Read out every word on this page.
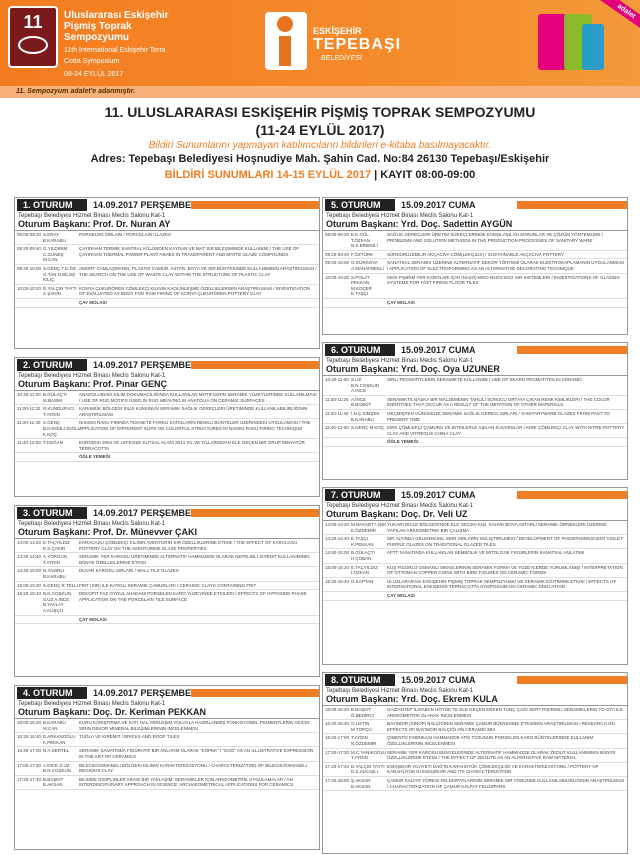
11	Uluslararası Eskişehir Pişmiş Toprak Sempozyumu
11th International Eskişehir Terra Cotta Symposium
09-24 EYLÜL 2017
ESKİŞEHİR
TEPEBAŞI
BELEDİYESİ
adalet
11. Sempozyum adalet'e adanmıştır.
11. ULUSLARARASI ESKİŞEHİR PİŞMİŞ TOPRAK SEMPOZYUMU
(11-24 EYLÜL 2017)
Bildiri Sunumlarını yapmayan katılımcıların bildirileri e-kitaba basılmayacaktır.
Adres: Tepebaşı Belediyesi Hoşnudiye Mah. Şahin Cad. No:84 26130 Tepebaşı/Eskişehir
BİLDİRİ SUNUMLARI 14-15 EYLÜL 2017 | KAYIT 08:00-09:00
1. OTURUM	14.09.2017 PERŞEMBE
Tepebaşı Belediyesi Hizmet Binası Meclis Salonu Kat-1
Oturum Başkanı: Prof. Dr. Nuran AY
09:00-09:20 S.ERAY B.KARABU
PORSELEN SIRLARI / PORCELAIN GLAZES
09:20-09:40 G.YILDIRIM C.GÜNEŞ M.CAN
ÇAYIRHAN TERMIK SANTRAL KÜLÜNDEN KAYDAN VE MAT SIR BILEŞIMINDE KULLANIMI / THE USE OF ÇAYIRHAN THERMAL POWER PLANT ASHES IN TRANSPARENT AND MATTE GLAZE COMPOUNDS
09:40-10:00 S.GENÇ T.G.ÖZ G.TAN N.BİLGE KILIÇ
AMORF CAMLAŞMANIN, PLASTIK CAMUR, ASTAR, BOYA VE SIR BÜNYESINDE KULLANIMININ ARAŞTIRILMASI / THE SEARCH ON THE USE OF WASTE CLAY WITHIN THE STRUCTURE OF PLASTIC CLAY
10:00-10:20 D.YALÇIN TAYTI A.ŞAHİN
KONYA ÇUKURÖREN CÖMLEKÇI KILININ KAOLINLEŞME ÖZELLIKLERININ ARAŞTIRILMASI / INVESTIGATION OF EVALUATED AS BODY FOR RAW FIRING OF KONYA ÇUKURÖREN POTTERY CLAY
ÇAY MOLASI
2. OTURUM	14.09.2017 PERŞEMBE
Tepebaşı Belediyesi Hizmet Binası Meclis Salonu Kat-1
Oturum Başkanı: Prof. Pınar GENÇ
10:40-11:00 B.GÜLAÇTI M.BASIM
ANADOLUIDAKI KILIM DOKUMACILIĞINDA KULLANILAN MOTIFLERIN SERAMIK YÜZEYLERINDE KULLANILMASI / USE OF RUG MOTIFS USED IN RUG WEAVING IN ANATOLIA ON CERAMIC SURFACES
11:00-11:20 R.KUNDURACI T.AYDIN
KARAMÜK BÖLGESI SILIS KUMUNUN SERAMIK SAĞLIK GEREÇLERI ÜRETIMINDE KULLANILABILIRLIĞININ ARAŞTIRILMASI
11:20-11:40 S.GENÇ B.KANDİLCİOĞLU K.KOÇ
NAKEDI RAKU FIRINDA TEKNIKTE FARKLI KATKILARIN RENKLI BÜNYELER ÜZERINDEKI UYGULAMASI / THE APPLICATION OF DIFFERENT SLIPS ON COLORFUL STRUCTURES IN NAKED RAKU FIRING TECHNIQUE
11:40-12:00 T.DOĞAN	EURODISI 2004 VE LEFKOŞE KUTSAL ALANI 2014 YIL VE YILLARINDAN ELE GEÇEN BIR GRUP MINYATÜR TERRACOTTA
ÖĞLE YEMEĞI
3. OTURUM	14.09.2017 PERŞEMBE
Tepebaşı Belediyesi Hizmet Binası Meclis Salonu Kat-1
Oturum Başkanı: Prof. Dr. Münevver ÇAKI
14:00-14:20 E.TAÇYILDIZ E.S.ÇAKIR
KARACASU ÇÖMLEKÇI KILININ AVENTÜRIN SIR ÖZELLIKLERINE ETKISI / THE EFFECT OF KARACASU POTTERY CLAY ON THE AVENTURINE GLAZE PROPERTIES
14:20-14:40 A.YORGUN T.AYDIN
SERAMIK YER KAROSU ÜRETIMINDE ALTERNATIF HAMMADDE OLARAK NEFELINLI SIYENIT KULLANIMININ BÜNYE ÖZELLIKLERINE ETKISI
14:40-15:00 N.YAZIRLI B.KARABU
DUVAR KAROSU SIRLARI / WALL TILE GLAZES
15:00-15:20 S.GENÇ R.TELLİ FRIT (SIR) ILE KATKILI SERAMIK ÇAMURLARI / CERAMIC CLAYS CONTAINING FRIT
15:20-15:40 B.N.COŞKUN S.UZ A.İNCE B.YAVLAY A.KUŞÇU
DEKOPIT FAZ OYGUL AHADANI PORSELEN KARO YÜZEYINDE ETKILERI / EFFECTS OF HYPOSIDE PHASE APPLICATION ON THE PORCELAIN TILE SURFACE
ÇAY MOLASI
4. OTURUM	14.09.2017 PERŞEMBE
Tepebaşı Belediyesi Hizmet Binası Meclis Salonu Kat-1
Oturum Başkanı: Doç. Dr. Kerîman PEKKAN
16:00-16:20 B.KARABU M.CAN
KURU KARIŞTIRMA VE KATI HAL YERLEŞIM YOLUYLA HAZIRLANMIŞ FONKSIYONEL PIGMENTLERIN AKICIN SIRIN DEKOR MINERAL BILEŞIMLERININ INCELENMESI
16:20-16:40 E.ARKANOĞLU K.PEKKAN
TUĞLA VE KIREMIT / BRICKS AND ROOF TILES
16:40-17:00 N.A.SERTEL	SERAMIK SANATINDA FIGÜRATIF BIR ANLATIM OLARAK "KÖPEK" / "DOG" AS AN ILLUSTRATIVE EXPRESSION IN THE ART OF CERAMICS
17:00-17:20 A.İNCE S.UZ B.N.COŞKUN
BILECIK/OSMANELI BÖLGESI KILININ KARAKTERIZASYONU / CHARACTERIZATION OF BILECIK/OSMANELI REGION'S CLAY
17:20-17:40 B.BAŞKIT B.AKSAN
BILIMDE DISIPLINLER ARASI BIR YAKLAŞIM: SERAMIKLER IÇIN ARKEOMETRIK UYGULAMALAR / AN INTERDISCIPLINARY APPROACH IN SCIENCE: ARCHAEOMETRICAL APPLICATIONS FOR CERAMICS
5. OTURUM	15.09.2017 CUMA
Tepebaşı Belediyesi Hizmet Binası Meclis Salonu Kat-1
Oturum Başkanı: Yrd. Doç. Sadettin AYGÜN
09:00-09:20 E.K.GÜL T.ÖZKAN N.K.BİREMLİ
SAĞLIK GEREÇLERI ÜRETIM SÜREÇLERINDE KARŞILAŞILAN SORUNLAR VE ÇÖZÜM YÖNTEMLERI / PROBLEMS AND SOLUTION METHODS IN THE PRODUCTION PROCESSES OF SANITARY WARE
09:20-09:40 F.ÖZTÜRK	SÜRDÜRÜLEBILIR AKÇACIVA CÖM(LEKÇILIK) / SUSTAINABLE AKÇACIVA POTTERY
09:40-10:00 O.GÜRSOVA A.MANAFBEKLİ
SANATSAL SERAMIK ÜZERINE ALTERNATIF DEKOR YÖNTEMI OLARAK ELEKTROKAPLAMANIN UYGULANMASI / APPLICATION OF ELECTROFORMING AS AN ALTERNATIVE DECORATING TECHNIQUE
10:00-10:20 S.POLAT PEKKAN M.KOÇER E.TAŞÇI
KESI PIŞIRIM YER KAROLARI IÇIN (NA2O)-MGO-B2O3-SIO2 SIR SISTEMLERI / INVESTIGATIONS OF GLAZING SYSTEMS FOR FAST FIRING FLOOR TILES
ÇAY MOLASI
6. OTURUM	15.09.2017 CUMA
Tepebaşı Belediyesi Hizmet Binası Meclis Salonu Kat-1
Oturum Başkanı: Yrd. Doç. Oya UZUNER
10:40-11:00 S.UZ B.N.COŞKUN A.İNCE
SIRLI PEGMATITLERIN SERAMIKTE KULLANIMI / USE OF SKARN PEGMATITES IN CERAMIC
11:00-11:20 A.İNCE B.BAŞKIT
SERAMIKTE BAŞKA BIR MALZEMENIN TAHLILI SONUCU ORTAYA ÇIKAN RENK KIMLIKLERI / THE COLOR IDENTITIES THAT OCCUR AS A RESULT OF THE IMITATION OF OTHER MATERIALS
11:20-11:40 İ.N.Ç.SİMŞEK B.KARABU
GEÇMIŞTEN GÜNÜMÜZE SERAMIK SAĞLIK GERECI SIRLARI / SANITARYWARE GLAZES FROM PAST TO PRESENT TIME
11:40-12:00 S.GENÇ M.KOÇ KIRK ÇÖMLEKÇI ÇAMURU VE BITKILERLE AŞILAN KUVARSLAR / KIRK ÇÖMLEKÇI CLAY WITH NITRE-POTTERY CLAY AND VITREOUS CHINA CLAY
ÖĞLE YEMEĞI
7. OTURUM	15.09.2017 CUMA
Tepebaşı Belediyesi Hizmet Binası Meclis Salonu Kat-1
Oturum Başkanı: Doç. Dr. Veli UZ
14:00-14:20 M.BAYAZIT İ.İŞIK E.ÖZDEMİR
YUKARI DICLE BÖLGESI'NDE ELE GEÇEN KIŞI, KAHVE BOYA ASTARLI SERAMIK ÖRNEKLERI ÜZERINE YAPILAN ARKEOMETRIK BIR ÇALIŞMA
14:20-14:40 E.TAŞÇI K.PEKKAN
SIR ALTINDA GELENEKSEL MOR SIRLARIN GELIŞTIRILMESI / DEVELOPMENT OF PHOSPHORESCENT VIOLET-PURPLE GLAZES ON TRADITIONAL GLAZED TILES
14:40-15:00 B.GÜLAÇTI H.ÇOBAN
AFTT SANATINDA KULLANILAN SEMBOLIK VE MITOLOJIK FIGÜRLERIN SANATSAL ANLATIMI
15:00-15:20 E.TAÇYILDIZ İ.ÖZKAN
KUŞ FIGÜRLÜ OSMANLI SIKKELERININ SERAMIK FORMA VE YÜZEYLERDE YORUMLANIŞI / INTERPRETATION OF OTTOMAN COPPER COINS WITH BIRD FIGURES ON CERAMIC FORMS
15:20-15:40 O.KAPTAN	ULUSLARARASI ESKIŞEHIR PIŞMIŞ TOPRAK SEMPOZYUMU VE SERAMIK EĞITIMINE ETKISI / EFFECTS OF INTERNATIONAL ESKIŞEHIR TERRACOTTA SYMPOSIUM ON CERAMIC EDUCATION
ÇAY MOLASI
8. OTURUM	15.09.2017 CUMA
Tepebaşı Belediyesi Hizmet Binası Meclis Salonu Kat-1
Oturum Başkanı: Yrd. Doç. Ekrem KULA
16:00-16:20 B.BAŞKIT Ö.BEDİRCİ
GAZIANTEP İLISABAN HÖYÜK TE ELE GEÇEN ERKEN TUNÇ ÇAĞI SERT PIŞIRIMLI SERAMIKLERIN TG-DTA ILE ARKEOMETRIK OLARAK INCELENMESI
16:20-16:40 O.USTIN M.TOPÇU
BAYINDIR (SINOP) BALÇIĞININ SERAMIK ÇAMUR BÜNYESINE ETKISININ ARAŞTIRILMASI / RESEARCH ON EFFECTS OF BAYINDIR BALÇIĞI ON CERAMIC MIX
16:40-17:00 T.AYDIN N.ÖZDEMİR
ÇIMENTO FABRIKASI HAMMADDE ATIK TOZUNUN PORSELEN KARO BÜNYELERINDE KULLANIM ÖZELLIKLERININ INCELENMESI
17:00-17:20 M.C.YANIKOĞLU T.AYDIN
SERAMIK YER KAROSU BÜNYELERINDE ALTERNATIF HAMMADDE OLARAK ZEOLIT KULLANIMININ BÜNYE ÖZELLIKLERINE ETKISI / THE EFFECT OF ZEOLITE AS AN ALTERNATIVE RAW MATERIAL
17:20-17:40 D.YALÇIN TAYTI D.S.ALKAŞLI
ESKIŞEHIR VILAYETI DAĞ'IN KARAHÜYÜK ÇÖMLEKÇILIĞI VE KARAKTERIZASYONU / POTTERY OF KARAHÜYÜK IN ESKIŞEHIR AND ITS CHARACTERIZATION
17:40-18:00 Ş.AKSAN B.AKSAN
ÇAMUR KALFAT YÖRESI FELDISPATLARININ SERAMIK SIR YÖNÜNDE KULLANILABILIRLIĞININ ARAŞTIRILMASI / CHARACTERIZATION OF ÇAMUR KALFAT FELDSPARS
